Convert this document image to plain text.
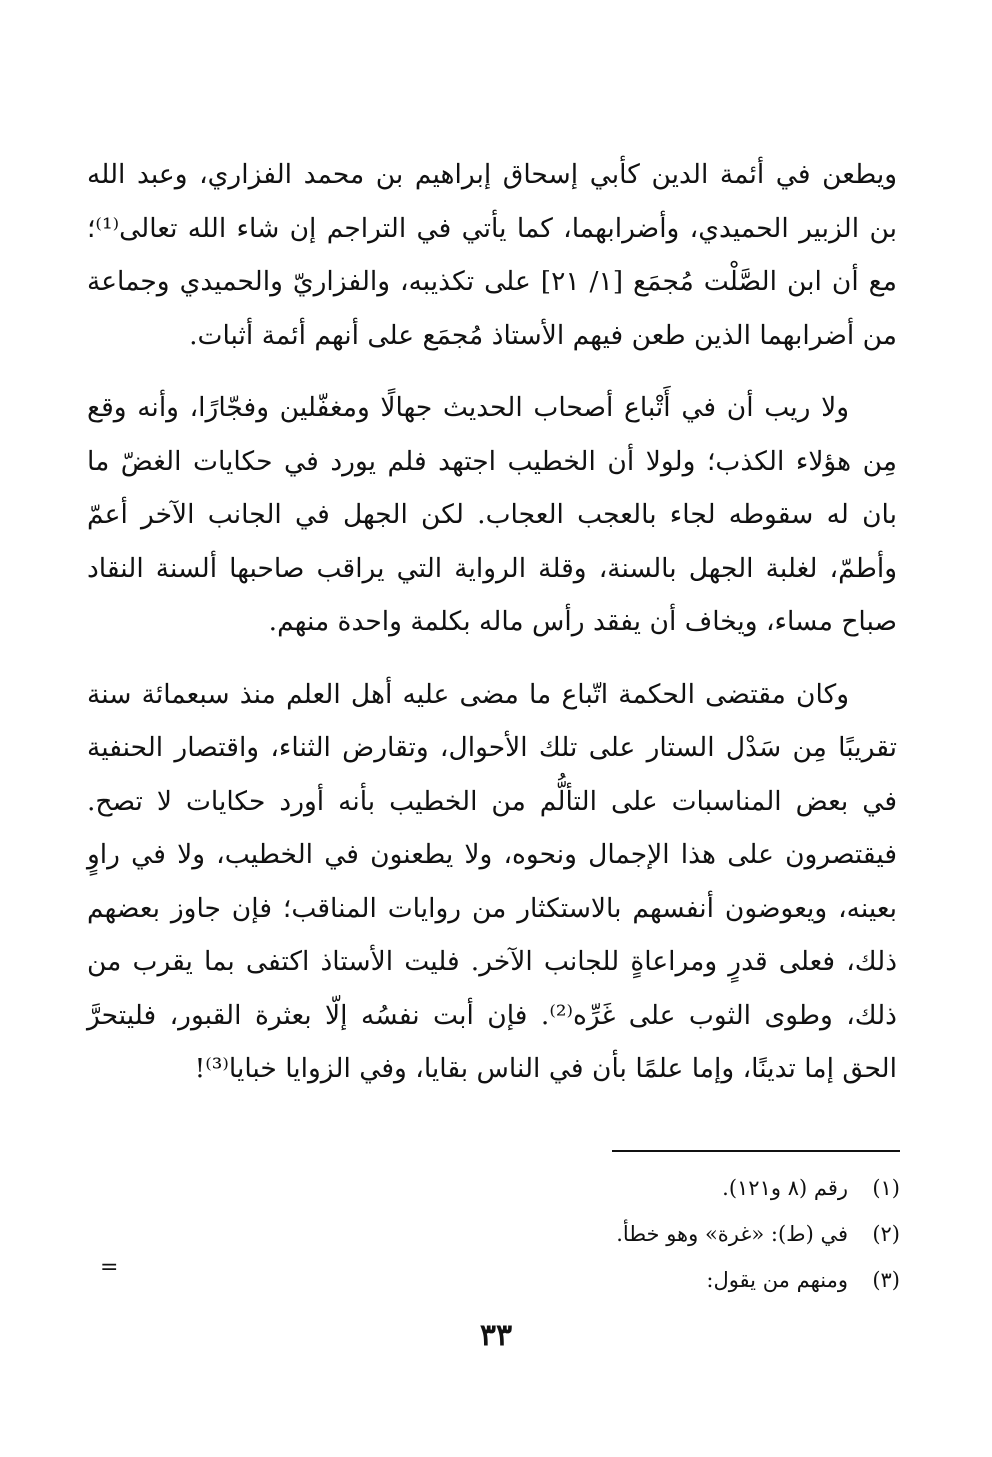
ويطعن في أئمة الدين كأبي إسحاق إبراهيم بن محمد الفزاري، وعبد الله بن الزبير الحميدي، وأضرابهما، كما يأتي في التراجم إن شاء الله تعالى⁽¹⁾؛ مع أن ابن الصَّلْت مُجمَع [١/ ٢١] على تكذيبه، والفزاريّ والحميدي وجماعة من أضرابهما الذين طعن فيهم الأستاذ مُجمَع على أنهم أئمة أثبات.

ولا ريب أن في أَتْباع أصحاب الحديث جهالًا ومغفّلين وفجّارًا، وأنه وقع مِن هؤلاء الكذب؛ ولولا أن الخطيب اجتهد فلم يورد في حكايات الغضّ ما بان له سقوطه لجاء بالعجب العجاب. لكن الجهل في الجانب الآخر أعمّ وأطمّ، لغلبة الجهل بالسنة، وقلة الرواية التي يراقب صاحبها ألسنة النقاد صباح مساء، ويخاف أن يفقد رأس ماله بكلمة واحدة منهم.

وكان مقتضى الحكمة اتّباع ما مضى عليه أهل العلم منذ سبعمائة سنة تقريبًا مِن سَدْل الستار على تلك الأحوال، وتقارض الثناء، واقتصار الحنفية في بعض المناسبات على التألُّم من الخطيب بأنه أورد حكايات لا تصح. فيقتصرون على هذا الإجمال ونحوه، ولا يطعنون في الخطيب، ولا في راوٍ بعينه، ويعوضون أنفسهم بالاستكثار من روايات المناقب؛ فإن جاوز بعضهم ذلك، فعلى قدرٍ ومراعاةٍ للجانب الآخر. فليت الأستاذ اكتفى بما يقرب من ذلك، وطوى الثوب على غَرِّه⁽²⁾. فإن أبت نفسُه إلّا بعثرة القبور، فليتحرَّ الحق إما تدينًا، وإما علمًا بأن في الناس بقايا، وفي الزوايا خبايا⁽³⁾!

(١)
رقم (٨ و١٢١).
(٢)
في (ط): «غرة» وهو خطأ.
(٣)
ومنهم من يقول:
=
٣٣
